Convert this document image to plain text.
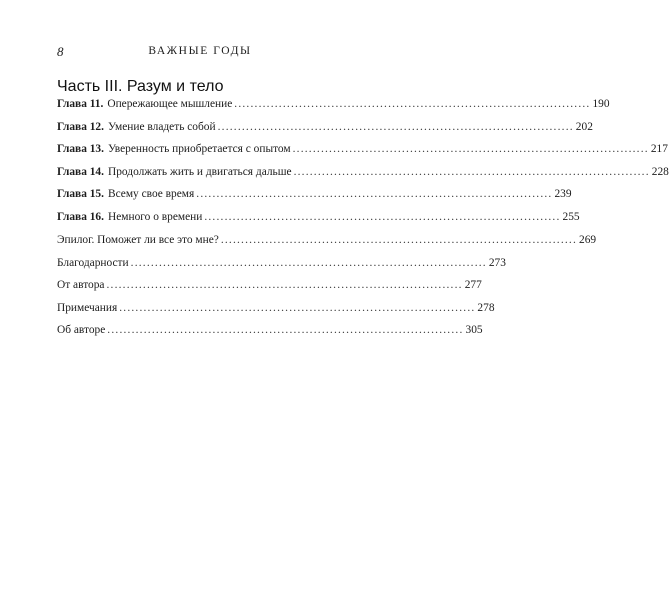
8	ВАЖНЫЕ ГОДЫ
Часть III. Разум и тело
Глава 11. Опережающее мышление ........................................................................................ 190
Глава 12. Умение владеть собой ........................................................................................ 202
Глава 13. Уверенность приобретается с опытом ........................................................................................ 217
Глава 14. Продолжать жить и двигаться дальше ........................................................................................ 228
Глава 15. Всему свое время ........................................................................................ 239
Глава 16. Немного о времени ........................................................................................ 255
Эпилог. Поможет ли все это мне? ........................................................................................ 269
Благодарности ........................................................................................ 273
От автора ........................................................................................ 277
Примечания ........................................................................................ 278
Об авторе ........................................................................................ 305
